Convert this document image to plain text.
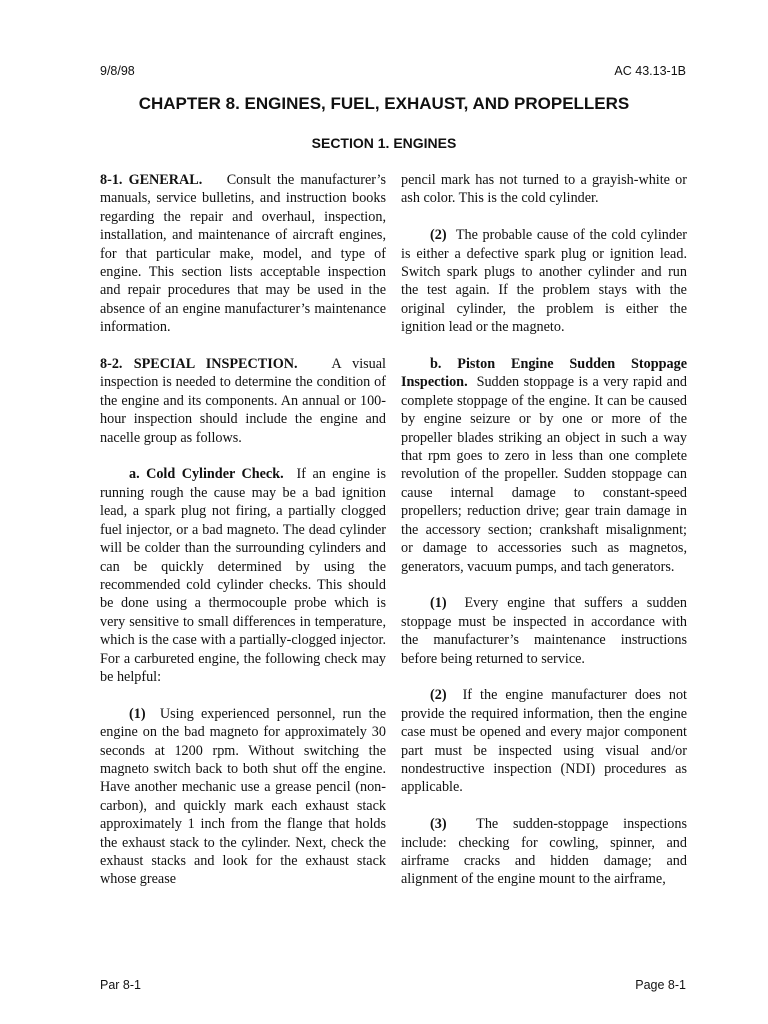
9/8/98	AC 43.13-1B
CHAPTER 8. ENGINES, FUEL, EXHAUST, AND PROPELLERS
SECTION 1. ENGINES

8-1. GENERAL. Consult the manufacturer’s manuals, service bulletins, and instruction books regarding the repair and overhaul, inspection, installation, and maintenance of aircraft engines, for that particular make, model, and type of engine. This section lists acceptable inspection and repair procedures that may be used in the absence of an engine manufacturer’s maintenance information.

8-2. SPECIAL INSPECTION. A visual inspection is needed to determine the condition of the engine and its components. An annual or 100-hour inspection should include the engine and nacelle group as follows.

a. Cold Cylinder Check. If an engine is running rough the cause may be a bad ignition lead, a spark plug not firing, a partially clogged fuel injector, or a bad magneto. The dead cylinder will be colder than the surrounding cylinders and can be quickly determined by using the recommended cold cylinder checks. This should be done using a thermocouple probe which is very sensitive to small differences in temperature, which is the case with a partially-clogged injector. For a carbureted engine, the following check may be helpful:

(1) Using experienced personnel, run the engine on the bad magneto for approximately 30 seconds at 1200 rpm. Without switching the magneto switch back to both shut off the engine. Have another mechanic use a grease pencil (non-carbon), and quickly mark each exhaust stack approximately 1 inch from the flange that holds the exhaust stack to the cylinder. Next, check the exhaust stacks and look for the exhaust stack whose grease

pencil mark has not turned to a grayish-white or ash color. This is the cold cylinder.

(2) The probable cause of the cold cylinder is either a defective spark plug or ignition lead. Switch spark plugs to another cylinder and run the test again. If the problem stays with the original cylinder, the problem is either the ignition lead or the magneto.

b. Piston Engine Sudden Stoppage Inspection. Sudden stoppage is a very rapid and complete stoppage of the engine. It can be caused by engine seizure or by one or more of the propeller blades striking an object in such a way that rpm goes to zero in less than one complete revolution of the propeller. Sudden stoppage can cause internal damage to constant-speed propellers; reduction drive; gear train damage in the accessory section; crankshaft misalignment; or damage to accessories such as magnetos, generators, vacuum pumps, and tach generators.

(1) Every engine that suffers a sudden stoppage must be inspected in accordance with the manufacturer’s maintenance instructions before being returned to service.

(2) If the engine manufacturer does not provide the required information, then the engine case must be opened and every major component part must be inspected using visual and/or nondestructive inspection (NDI) procedures as applicable.

(3) The sudden-stoppage inspections include: checking for cowling, spinner, and airframe cracks and hidden damage; and alignment of the engine mount to the airframe,

Par 8-1	Page 8-1
